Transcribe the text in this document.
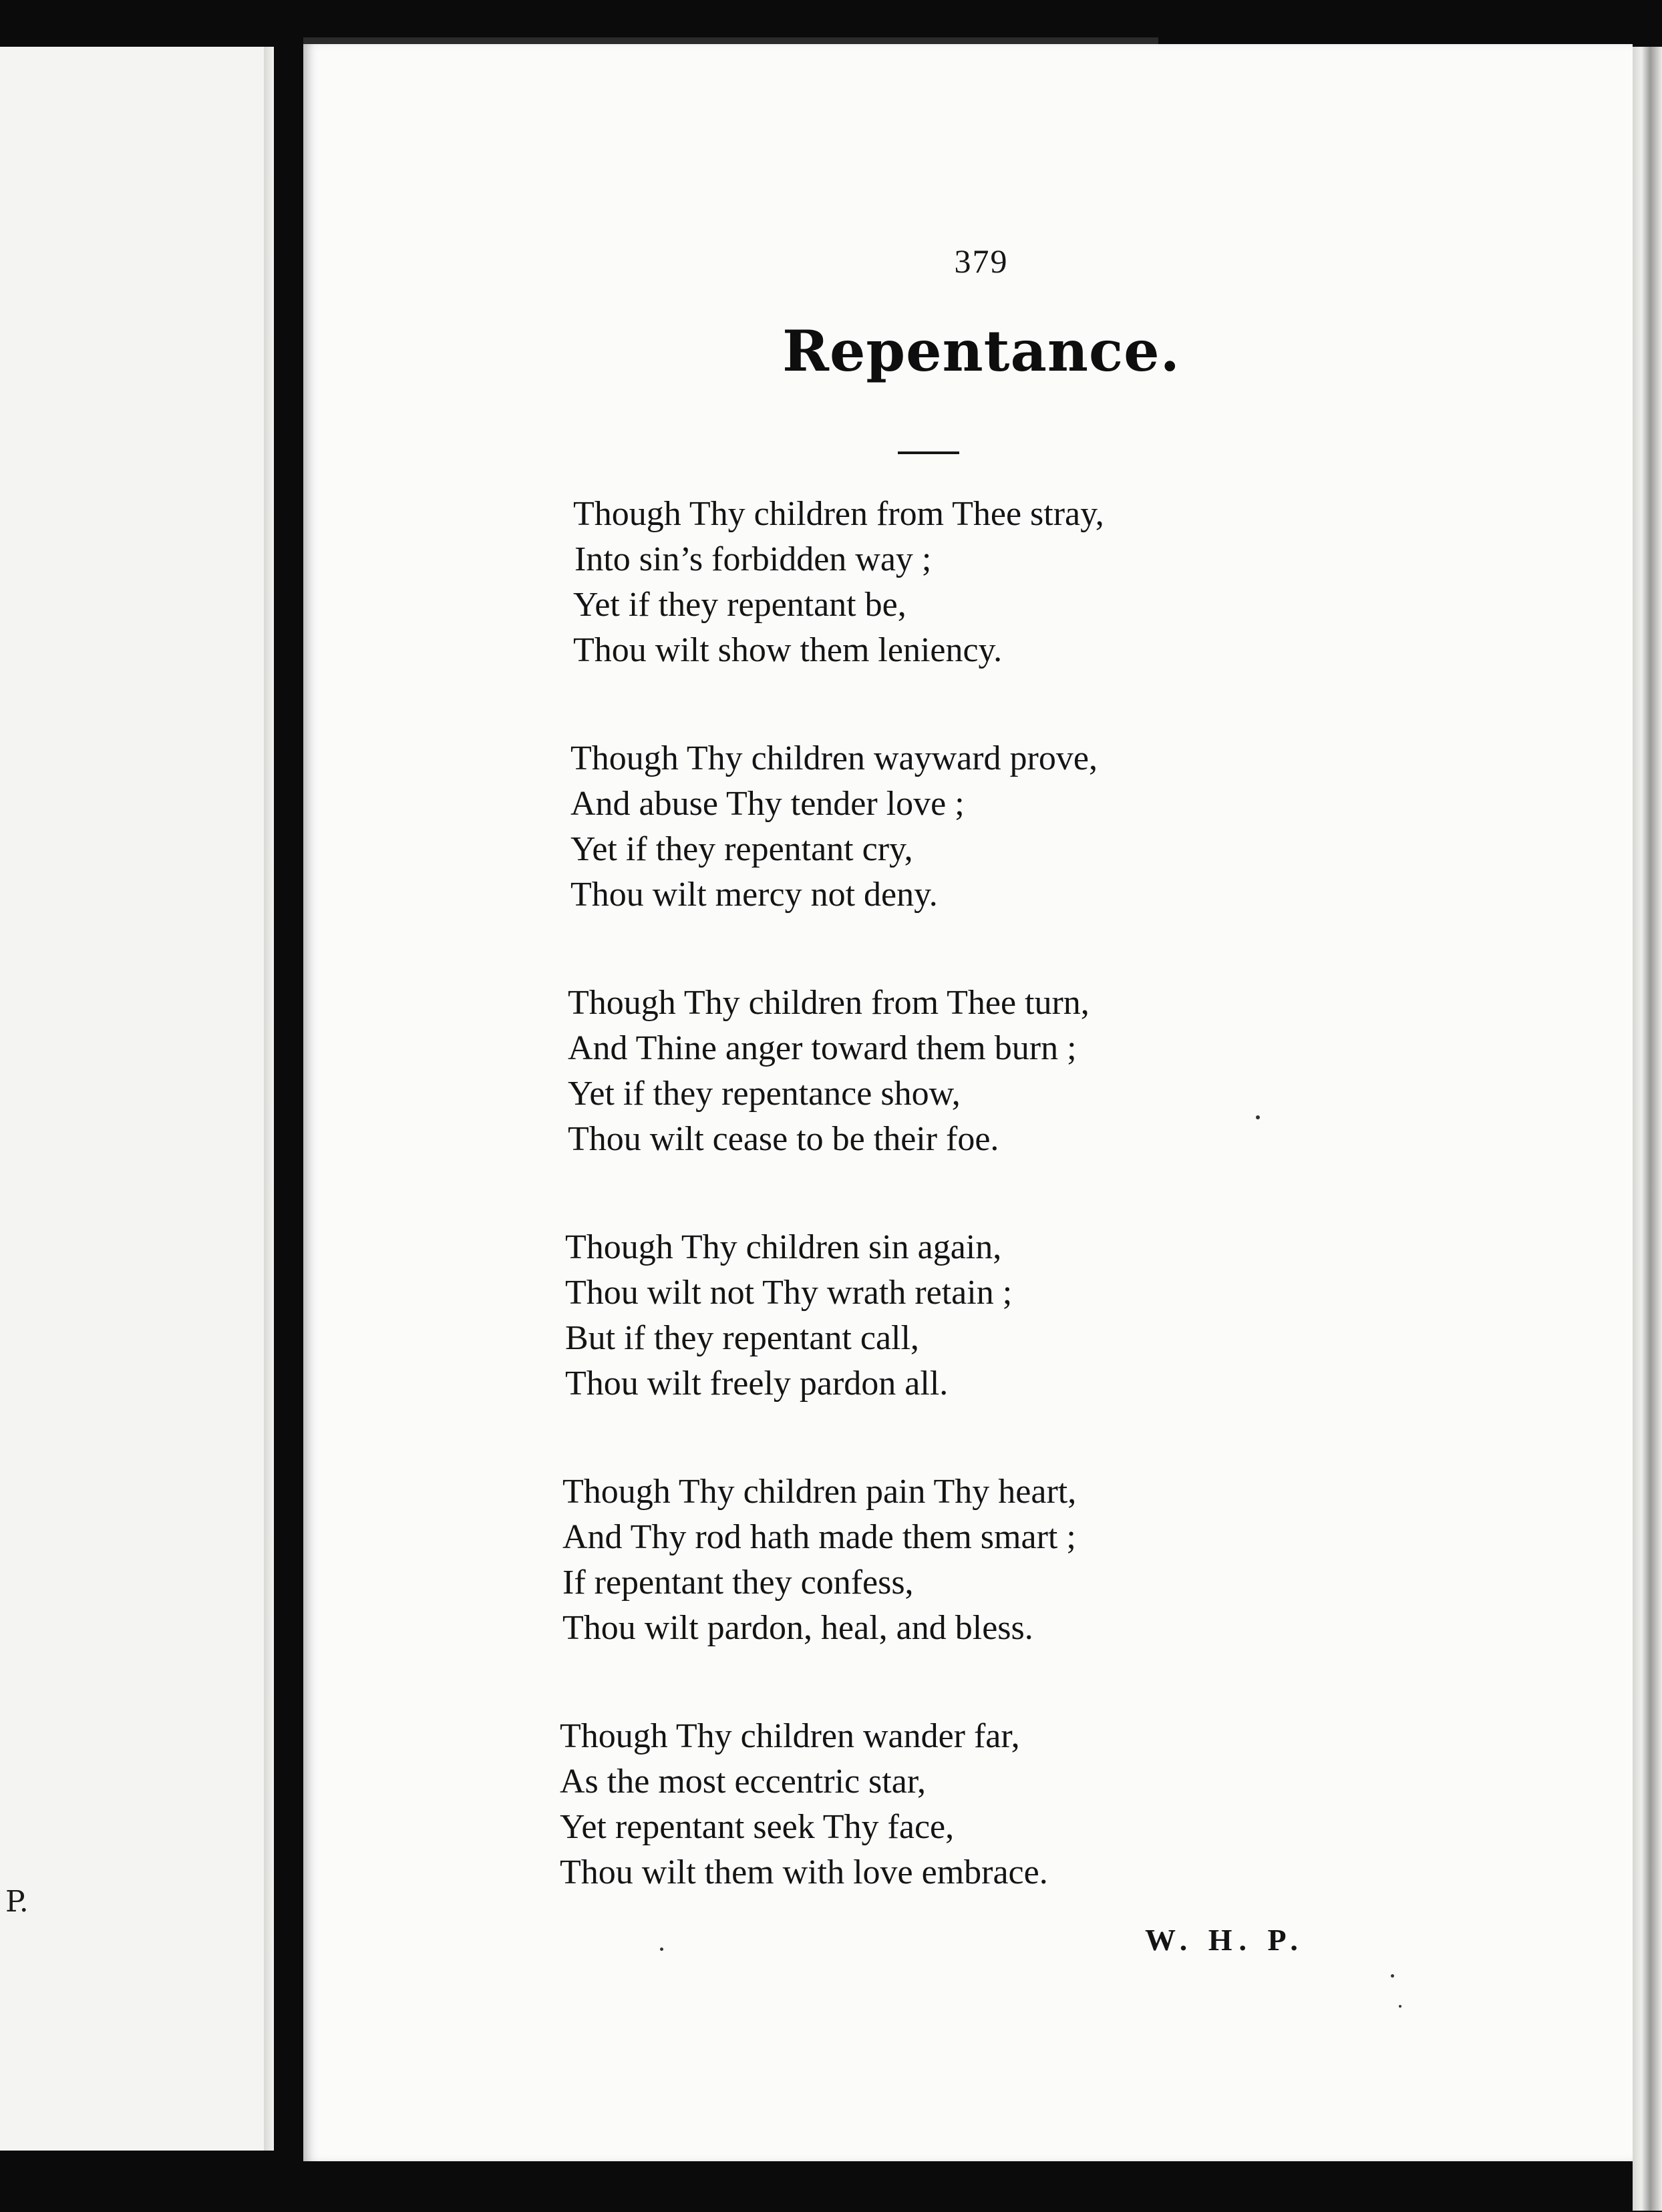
P.
379
Repentance.
Though Thy children from Thee stray,
Into sin’s forbidden way ;
Yet if they repentant be,
Thou wilt show them leniency.
Though Thy children wayward prove,
And abuse Thy tender love ;
Yet if they repentant cry,
Thou wilt mercy not deny.
Though Thy children from Thee turn,
And Thine anger toward them burn ;
Yet if they repentance show,
Thou wilt cease to be their foe.
Though Thy children sin again,
Thou wilt not Thy wrath retain ;
But if they repentant call,
Thou wilt freely pardon all.
Though Thy children pain Thy heart,
And Thy rod hath made them smart ;
If repentant they confess,
Thou wilt pardon, heal, and bless.
Though Thy children wander far,
As the most eccentric star,
Yet repentant seek Thy face,
Thou wilt them with love embrace.
W. H. P.
